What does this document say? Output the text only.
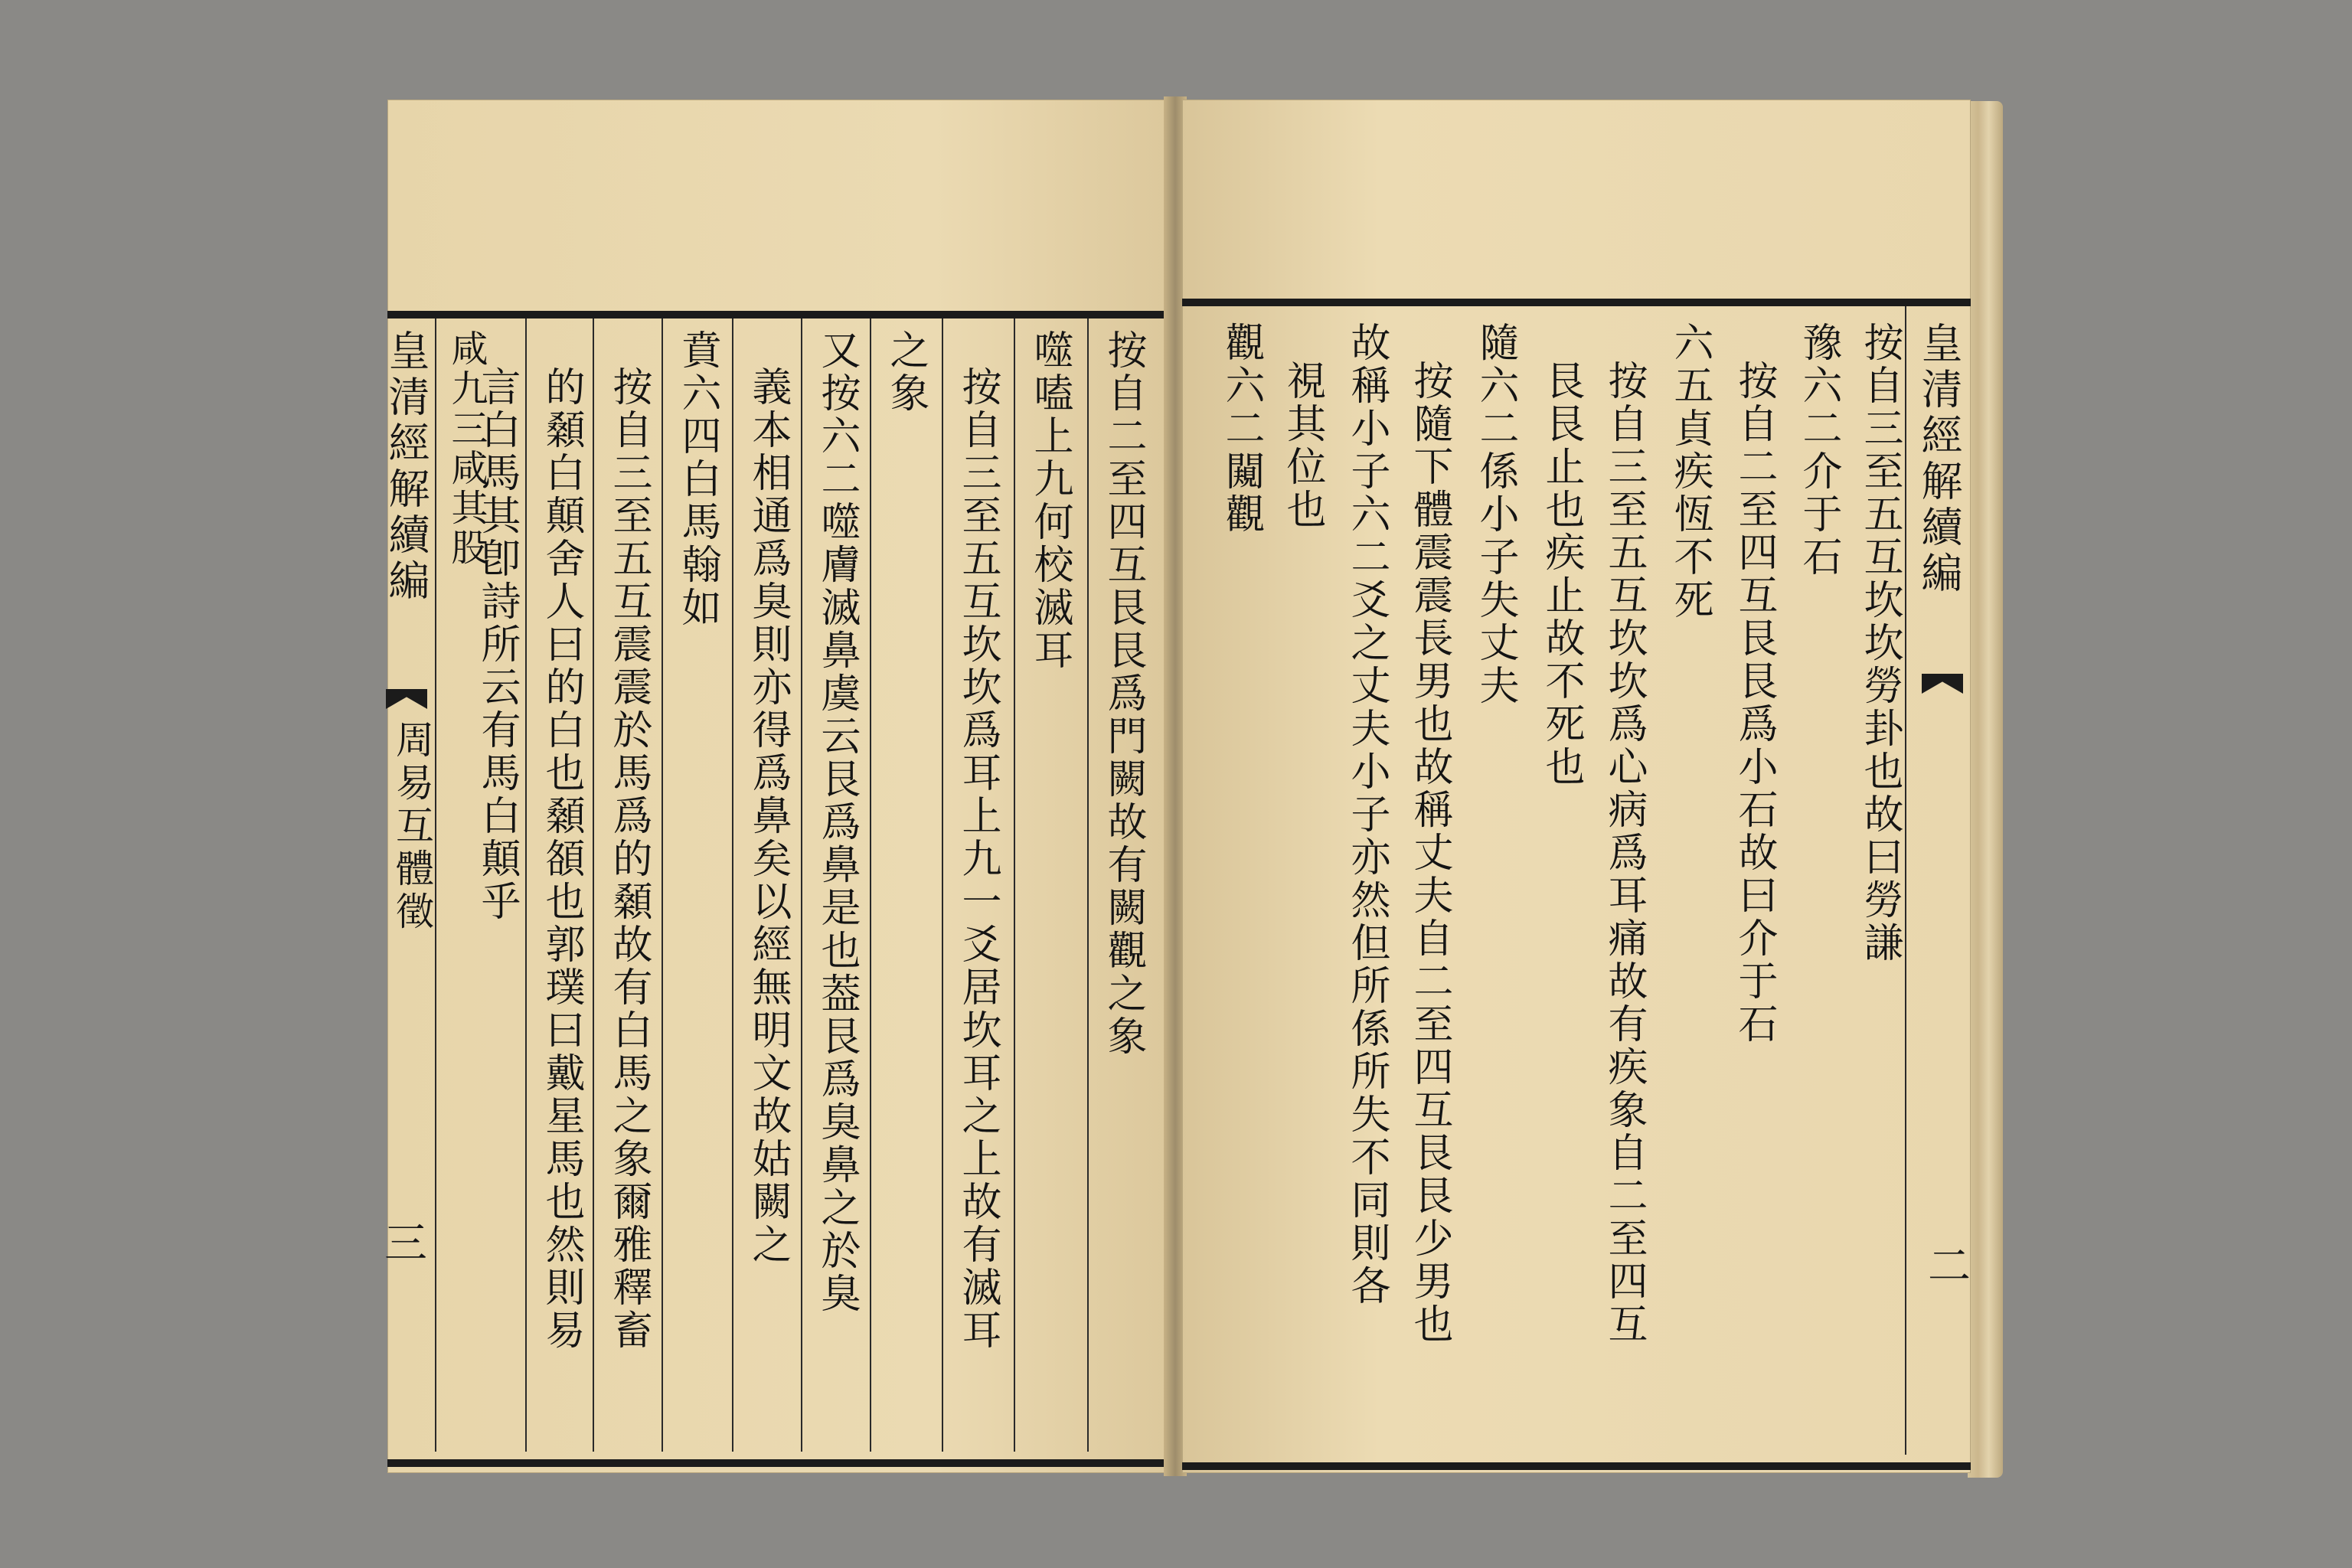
皇清經解續編
周易互體徵
三
按自二至四互艮艮爲門闕故有闕觀之象
噬嗑上九何校滅耳
按自三至五互坎坎爲耳上九一爻居坎耳之上故有滅耳
之象
又按六二噬膚滅鼻虞云艮爲鼻是也葢艮爲臭鼻之於臭
義本相通爲臭則亦得爲鼻矣以經無明文故姑闕之
賁六四白馬翰如
按自三至五互震震於馬爲的顙故有白馬之象爾雅釋畜
的顙白顛舍人曰的白也顙頟也郭璞曰戴星馬也然則易
言白馬其卽詩所云有馬白顛乎
咸九三咸其股	皇清經解續編
二
按自三至五互坎坎勞卦也故曰勞謙
豫六二介于石
按自二至四互艮艮爲小石故曰介于石
六五貞疾恆不死
按自三至五互坎坎爲心病爲耳痛故有疾象自二至四互
艮艮止也疾止故不死也
隨六二係小子失丈夫
按隨下體震震長男也故稱丈夫自二至四互艮艮少男也
故稱小子六二爻之丈夫小子亦然但所係所失不同則各
視其位也
觀六二闚觀
